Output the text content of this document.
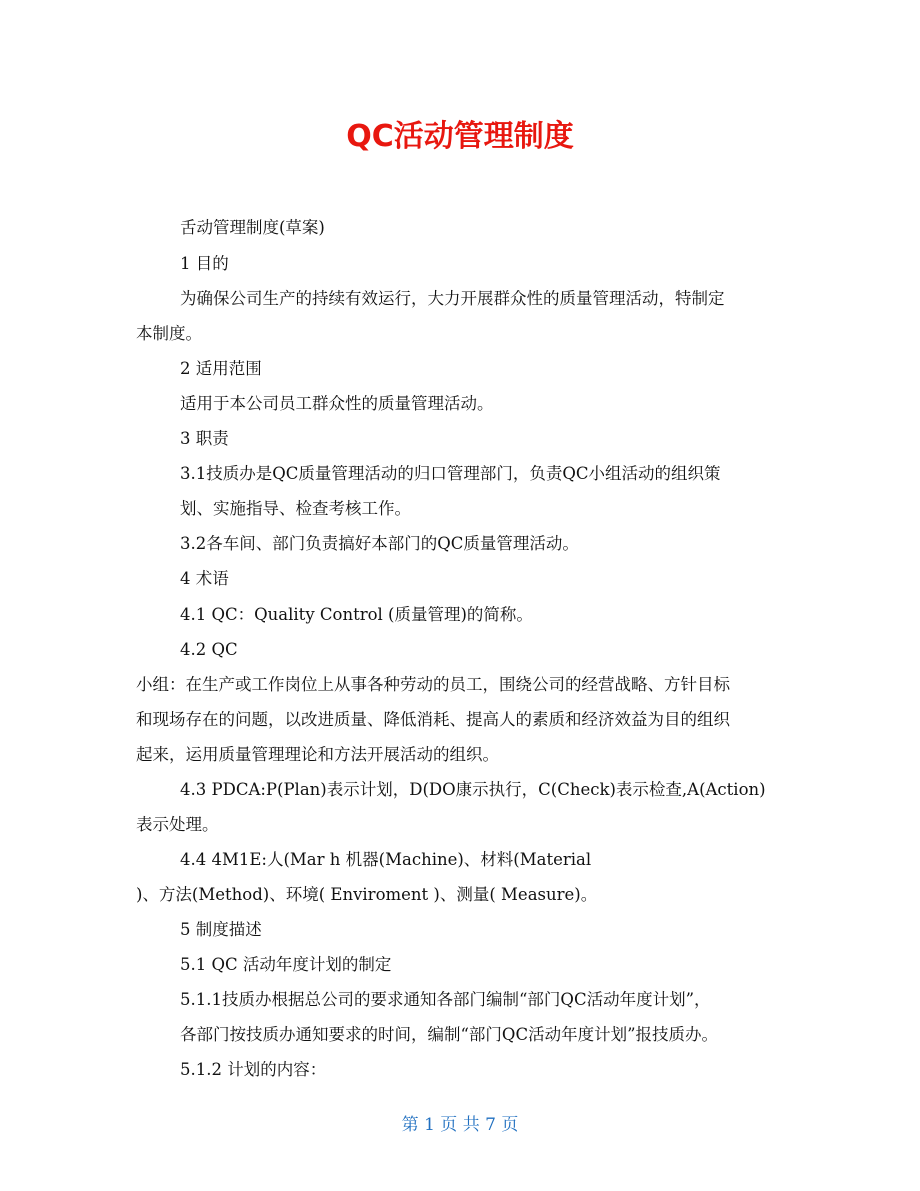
QC活动管理制度

舌动管理制度(草案)

1 目的

为确保公司生产的持续有效运行，大力开展群众性的质量管理活动，特制定

本制度。

2 适用范围

适用于本公司员工群众性的质量管理活动。

3 职责

3.1技质办是QC质量管理活动的归口管理部门，负责QC小组活动的组织策

划、实施指导、检查考核工作。

3.2各车间、部门负责搞好本部门的QC质量管理活动。

4 术语

4.1 QC：Quality Control (质量管理)的简称。

4.2 QC

小组：在生产或工作岗位上从事各种劳动的员工，围绕公司的经营战略、方针目标

和现场存在的问题，以改进质量、降低消耗、提高人的素质和经济效益为目的组织

起来，运用质量管理理论和方法开展活动的组织。

4.3 PDCA:P(Plan)表示计划，D(DO康示执行，C(Check)表示检查,A(Action)

表示处理。

4.4 4M1E:人(Mar h 机器(Machine)、材料(Material

)、方法(Method)、环境( Enviroment )、测量( Measure)。

5 制度描述

5.1 QC 活动年度计划的制定

5.1.1技质办根据总公司的要求通知各部门编制“部门QC活动年度计划”，

各部门按技质办通知要求的时间，编制“部门QC活动年度计划”报技质办。

5.1.2 计划的内容：

第 1 页 共 7 页
